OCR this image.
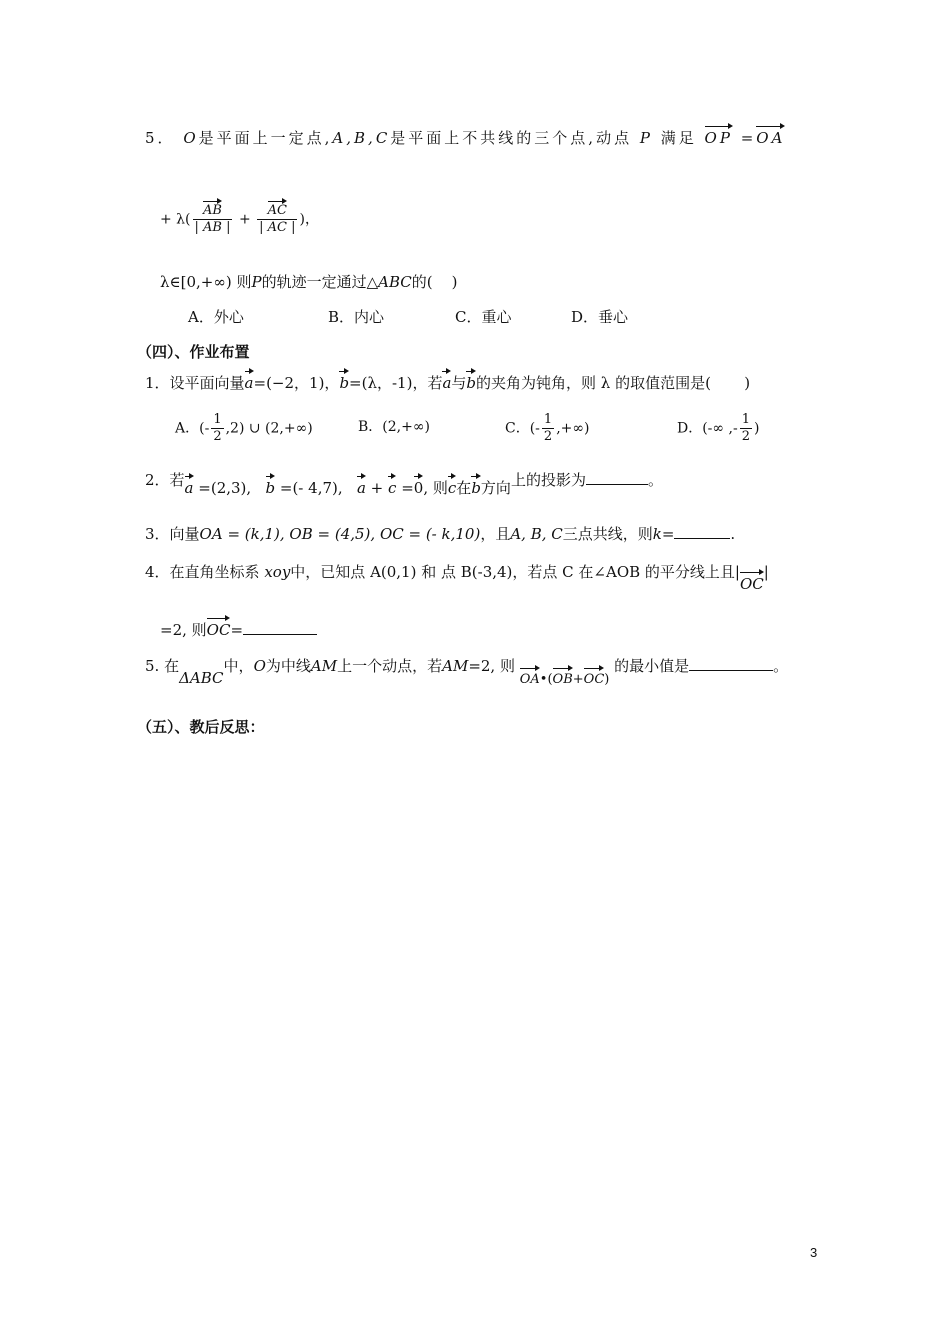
5． O是平面上一定点,A,B,C是平面上不共线的三个点,动点 P 满足 OP =OA
+ $\lambda( \frac{AB}{| AB |} + \frac{AC}{| AC |}$ )，
λ∈[0,+∞) 则P的轨迹一定通过△ABC的(    )
A．外心	B．内心	C．重心	D．垂心
（四）、作业布置
1．设平面向量a=(−2，1)，b=(λ，-1)，若a与b的夹角为钝角，则 λ 的取值范围是(       )
A．(- $\frac{1}{2} ,2$) ∪ (2,+∞)	B．(2,+∞)	C．(- $\frac{1}{2}$ ,+∞)	D．(-∞ ,- $\frac{1}{2}$ )
2．若a =(2,3), b =(- 4,7), a + c =0, 则c在b方向上的投影为	。
3．向量OA = (k,1), OB = (4,5), OC = (- k,10)，且A, B, C三点共线，则k=	.
4．在直角坐标系 xoy中，已知点 A(0,1) 和 点 B(-3,4)，若点 C 在∠AOB 的平分线上且|OC|
=2, 则OC=
5. 在ΔABC中，O为中线AM上一个动点，若AM=2, 则 OA•(OB+OC) 的最小值是	。
（五）、教后反思：
3
